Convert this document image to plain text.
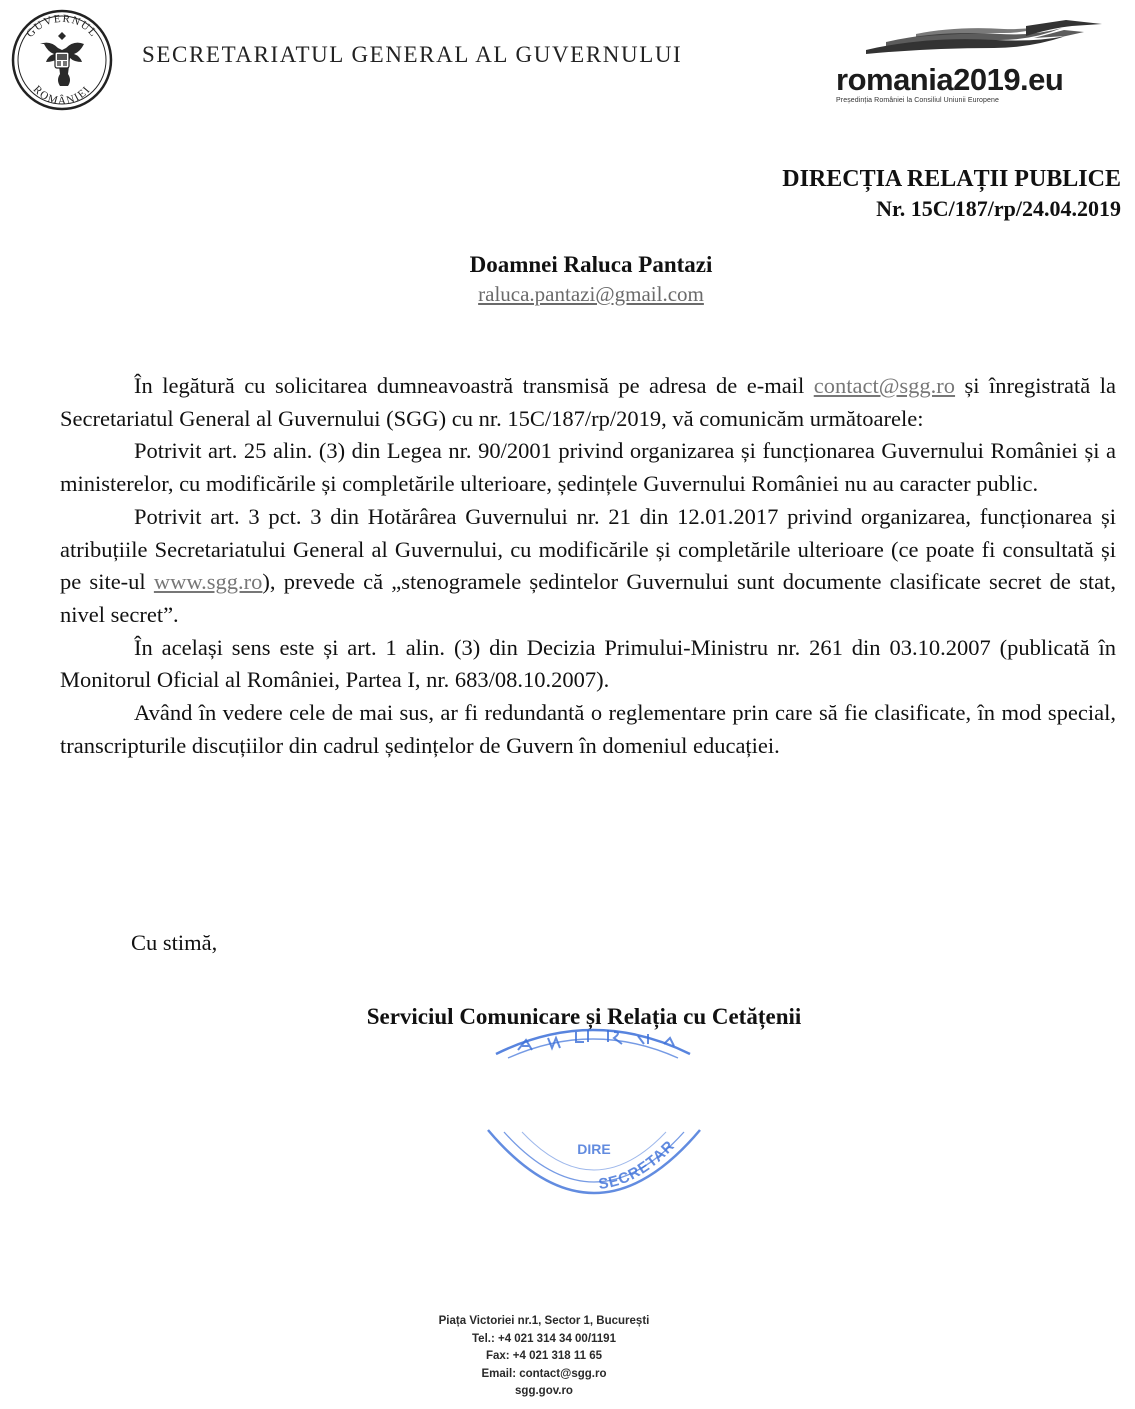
GUVERNUL
ROMÂNIEI
SECRETARIATUL GENERAL AL GUVERNULUI
romania2019.eu
Președinția României la Consiliul Uniunii Europene
DIRECȚIA RELAȚII PUBLICE
Nr. 15C/187/rp/24.04.2019
Doamnei Raluca Pantazi
raluca.pantazi@gmail.com

În legătură cu solicitarea dumneavoastră transmisă pe adresa de e-mail contact@sgg.ro și înregistrată la Secretariatul General al Guvernului (SGG) cu nr. 15C/187/rp/2019, vă comunicăm următoarele:

Potrivit art. 25 alin. (3) din Legea nr. 90/2001 privind organizarea și funcționarea Guvernului României și a ministerelor, cu modificările și completările ulterioare, ședințele Guvernului României nu au caracter public.

Potrivit art. 3 pct. 3 din Hotărârea Guvernului nr. 21 din 12.01.2017 privind organizarea, funcționarea și atribuțiile Secretariatului General al Guvernului, cu modificările și completările ulterioare (ce poate fi consultată și pe site-ul www.sgg.ro), prevede că „stenogramele ședintelor Guvernului sunt documente clasificate secret de stat, nivel secret”.

În același sens este și art. 1 alin. (3) din Decizia Primului-Ministru nr. 261 din 03.10.2007 (publicată în Monitorul Oficial al României, Partea I, nr. 683/08.10.2007).

Având în vedere cele de mai sus, ar fi redundantă o reglementare prin care să fie clasificate, în mod special, transcripturile discuțiilor din cadrul ședințelor de Guvern în domeniul educației.

Cu stimă,
Serviciul Comunicare și Relația cu Cetățenii
DIRE
SECRETAR
Piața Victoriei nr.1, Sector 1, București
Tel.: +4 021 314 34 00/1191
Fax: +4 021 318 11 65
Email: contact@sgg.ro
sgg.gov.ro
